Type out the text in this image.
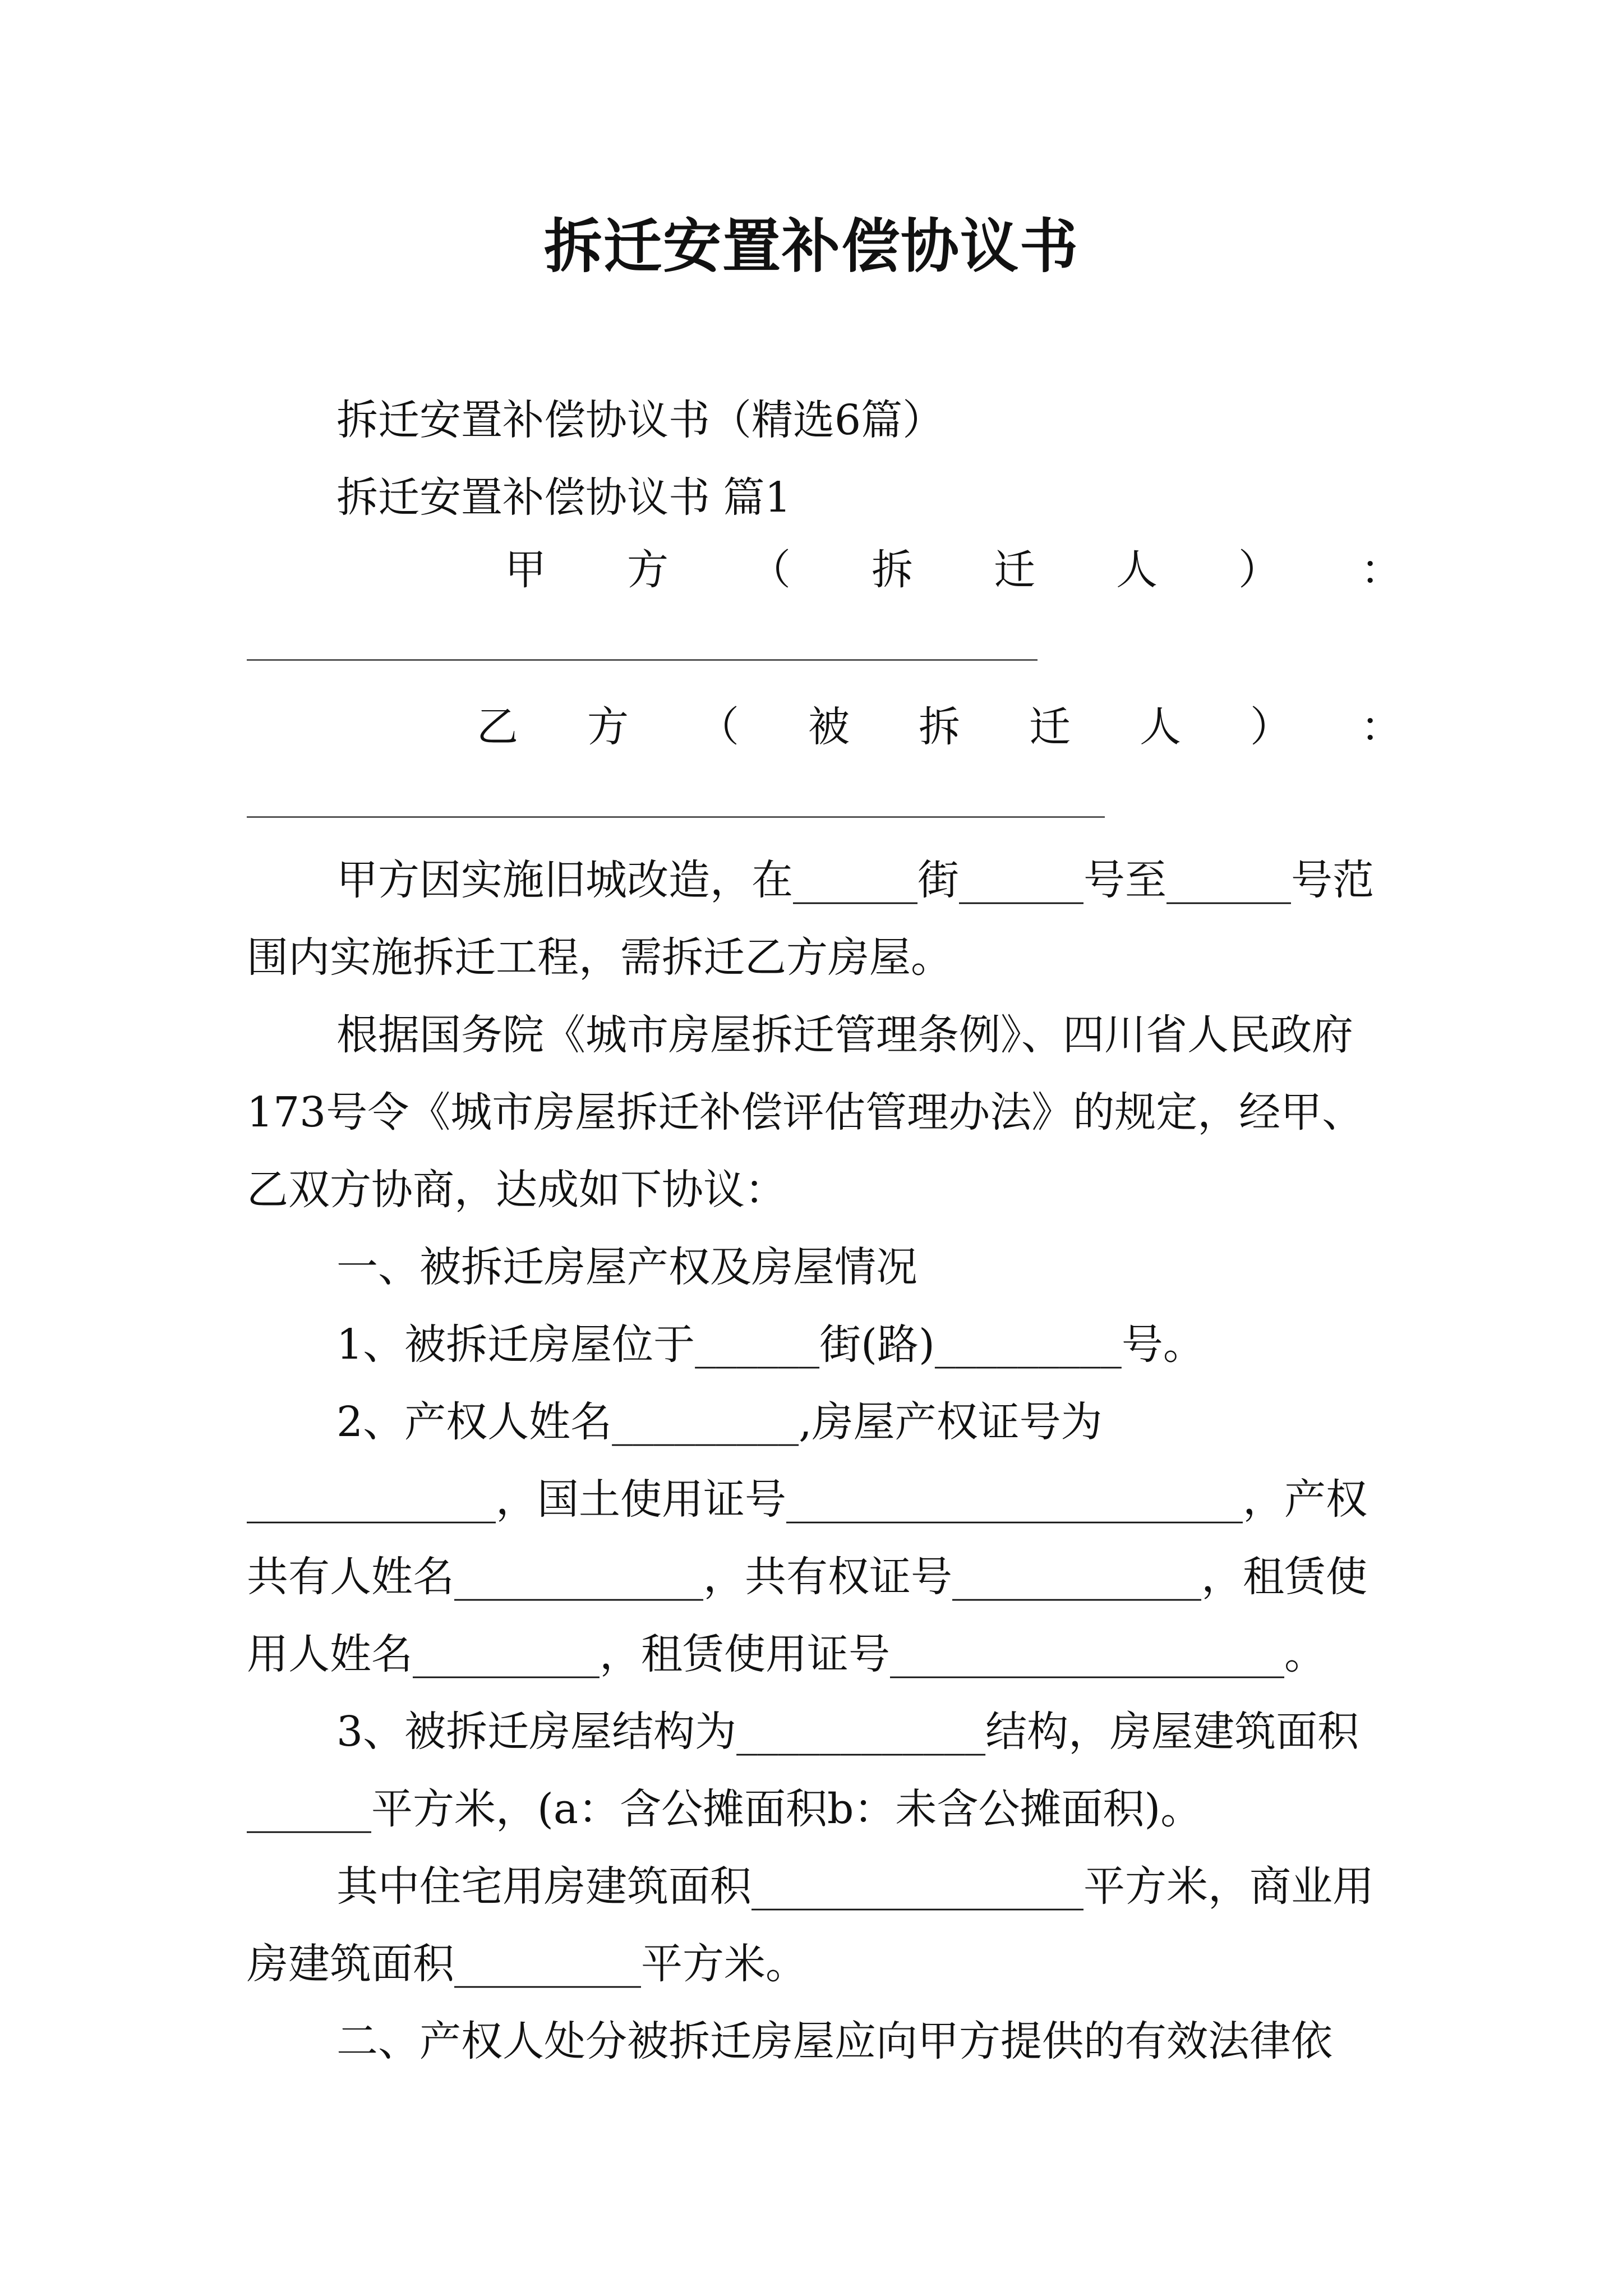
拆迁安置补偿协议书

拆迁安置补偿协议书（精选6篇）

拆迁安置补偿协议书 篇1

甲 方 （ 拆 迁 人 ） ：
乙 方 （ 被 拆 迁 人 ） ：

甲方因实施旧城改造，在______街______号至______号范围内实施拆迁工程，需拆迁乙方房屋。

根据国务院《城市房屋拆迁管理条例》、四川省人民政府173号令《城市房屋拆迁补偿评估管理办法》的规定，经甲、乙双方协商，达成如下协议：

一、被拆迁房屋产权及房屋情况

1、被拆迁房屋位于______街(路)_________号。

2、产权人姓名_________,房屋产权证号为____________，国土使用证号______________________，产权共有人姓名____________，共有权证号____________，租赁使用人姓名_________，租赁使用证号___________________。

3、被拆迁房屋结构为____________结构，房屋建筑面积______平方米，(a：含公摊面积b：未含公摊面积)。

其中住宅用房建筑面积________________平方米，商业用房建筑面积_________平方米。

二、产权人处分被拆迁房屋应向甲方提供的有效法律依
